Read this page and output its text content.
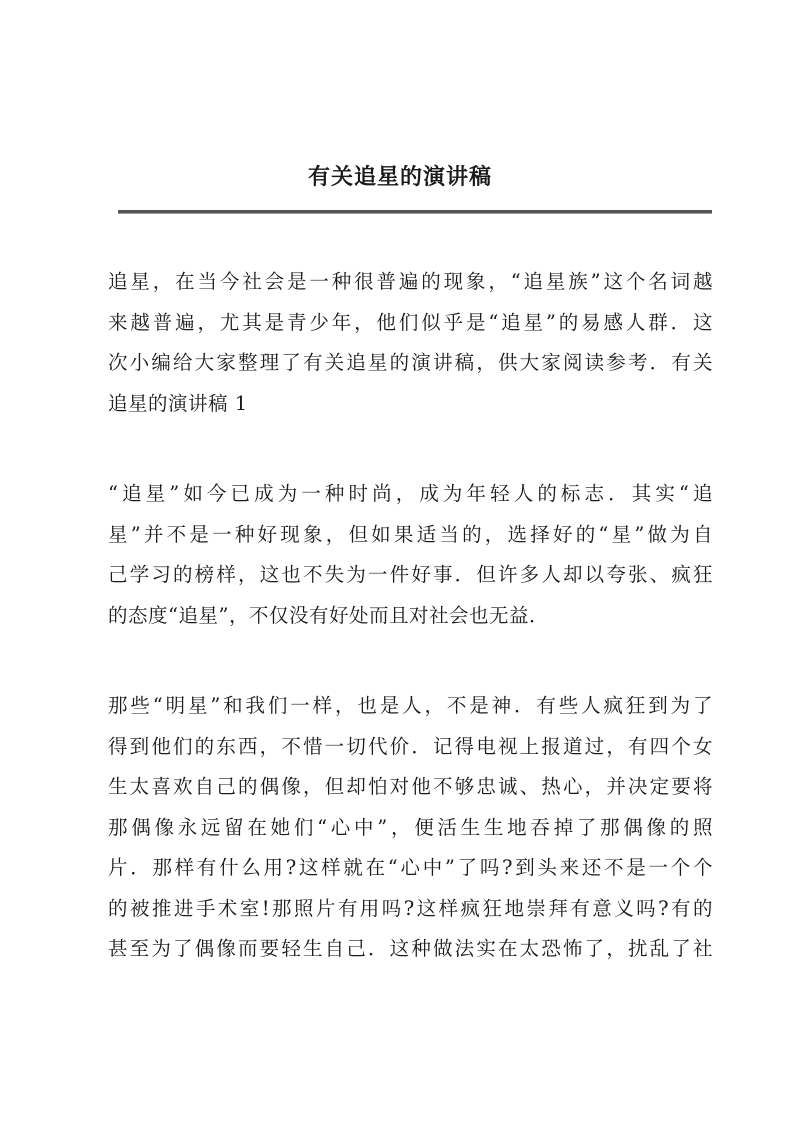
有关追星的演讲稿

追星，在当今社会是一种很普遍的现象，“追星族”这个名词越
来越普遍，尤其是青少年，他们似乎是“追星”的易感人群．这
次小编给大家整理了有关追星的演讲稿，供大家阅读参考．有关
追星的演讲稿 1

“追星”如今已成为一种时尚，成为年轻人的标志．其实“追
星”并不是一种好现象，但如果适当的，选择好的“星”做为自
己学习的榜样，这也不失为一件好事．但许多人却以夸张、疯狂
的态度“追星”，不仅没有好处而且对社会也无益．

那些“明星”和我们一样，也是人，不是神．有些人疯狂到为了
得到他们的东西，不惜一切代价．记得电视上报道过，有四个女
生太喜欢自己的偶像，但却怕对他不够忠诚、热心，并决定要将
那偶像永远留在她们“心中”，便活生生地吞掉了那偶像的照
片．那样有什么用?这样就在“心中”了吗?到头来还不是一个个
的被推进手术室!那照片有用吗?这样疯狂地崇拜有意义吗?有的
甚至为了偶像而要轻生自己．这种做法实在太恐怖了，扰乱了社
